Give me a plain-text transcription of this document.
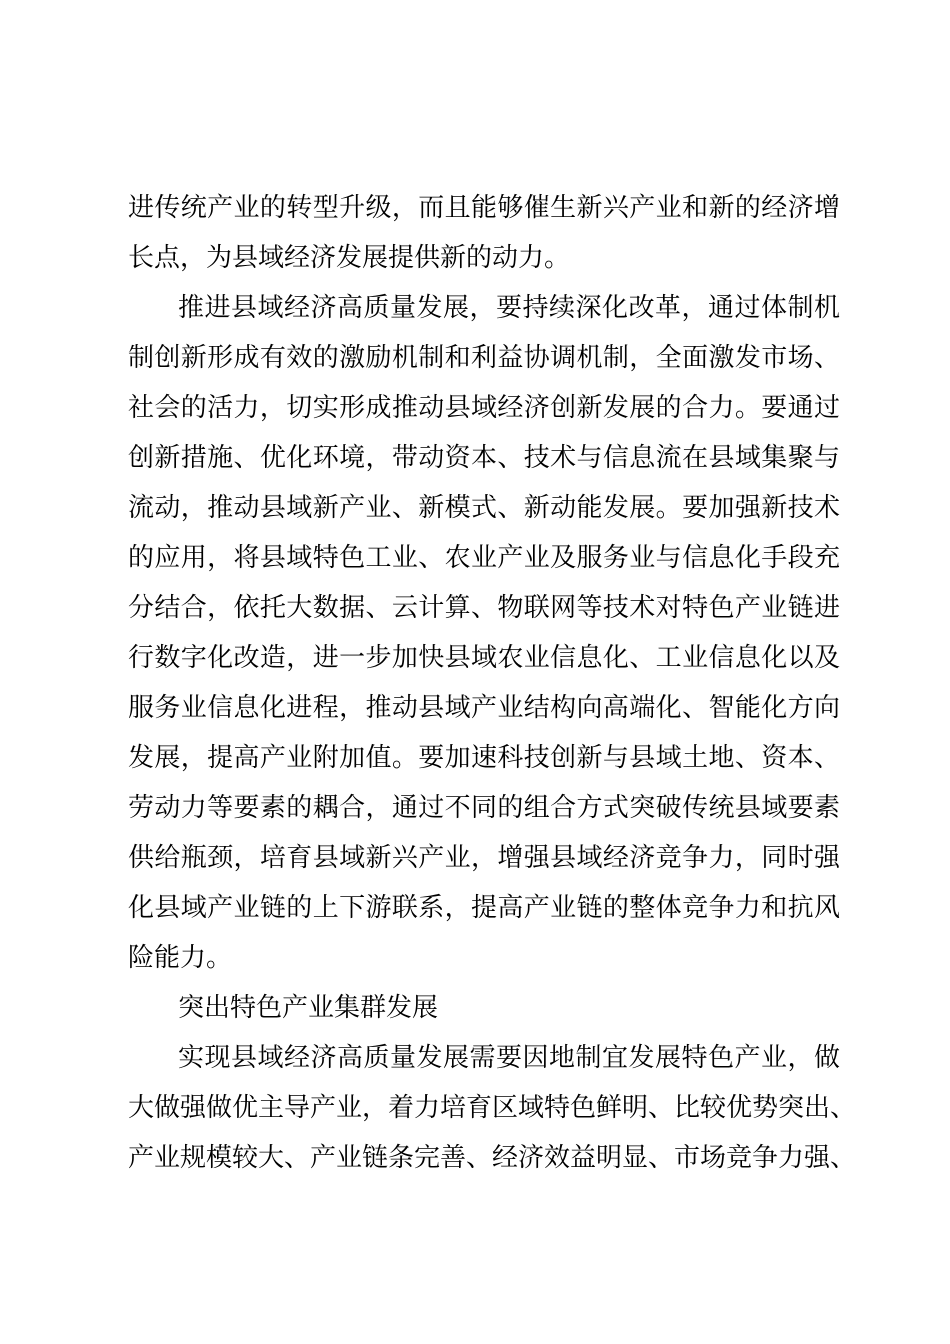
进传统产业的转型升级，而且能够催生新兴产业和新的经济增
长点，为县域经济发展提供新的动力。
推进县域经济高质量发展，要持续深化改革，通过体制机
制创新形成有效的激励机制和利益协调机制，全面激发市场、
社会的活力，切实形成推动县域经济创新发展的合力。要通过
创新措施、优化环境，带动资本、技术与信息流在县域集聚与
流动，推动县域新产业、新模式、新动能发展。要加强新技术
的应用，将县域特色工业、农业产业及服务业与信息化手段充
分结合，依托大数据、云计算、物联网等技术对特色产业链进
行数字化改造，进一步加快县域农业信息化、工业信息化以及
服务业信息化进程，推动县域产业结构向高端化、智能化方向
发展，提高产业附加值。要加速科技创新与县域土地、资本、
劳动力等要素的耦合，通过不同的组合方式突破传统县域要素
供给瓶颈，培育县域新兴产业，增强县域经济竞争力，同时强
化县域产业链的上下游联系，提高产业链的整体竞争力和抗风
险能力。
突出特色产业集群发展
实现县域经济高质量发展需要因地制宜发展特色产业，做
大做强做优主导产业，着力培育区域特色鲜明、比较优势突出、
产业规模较大、产业链条完善、经济效益明显、市场竞争力强、
